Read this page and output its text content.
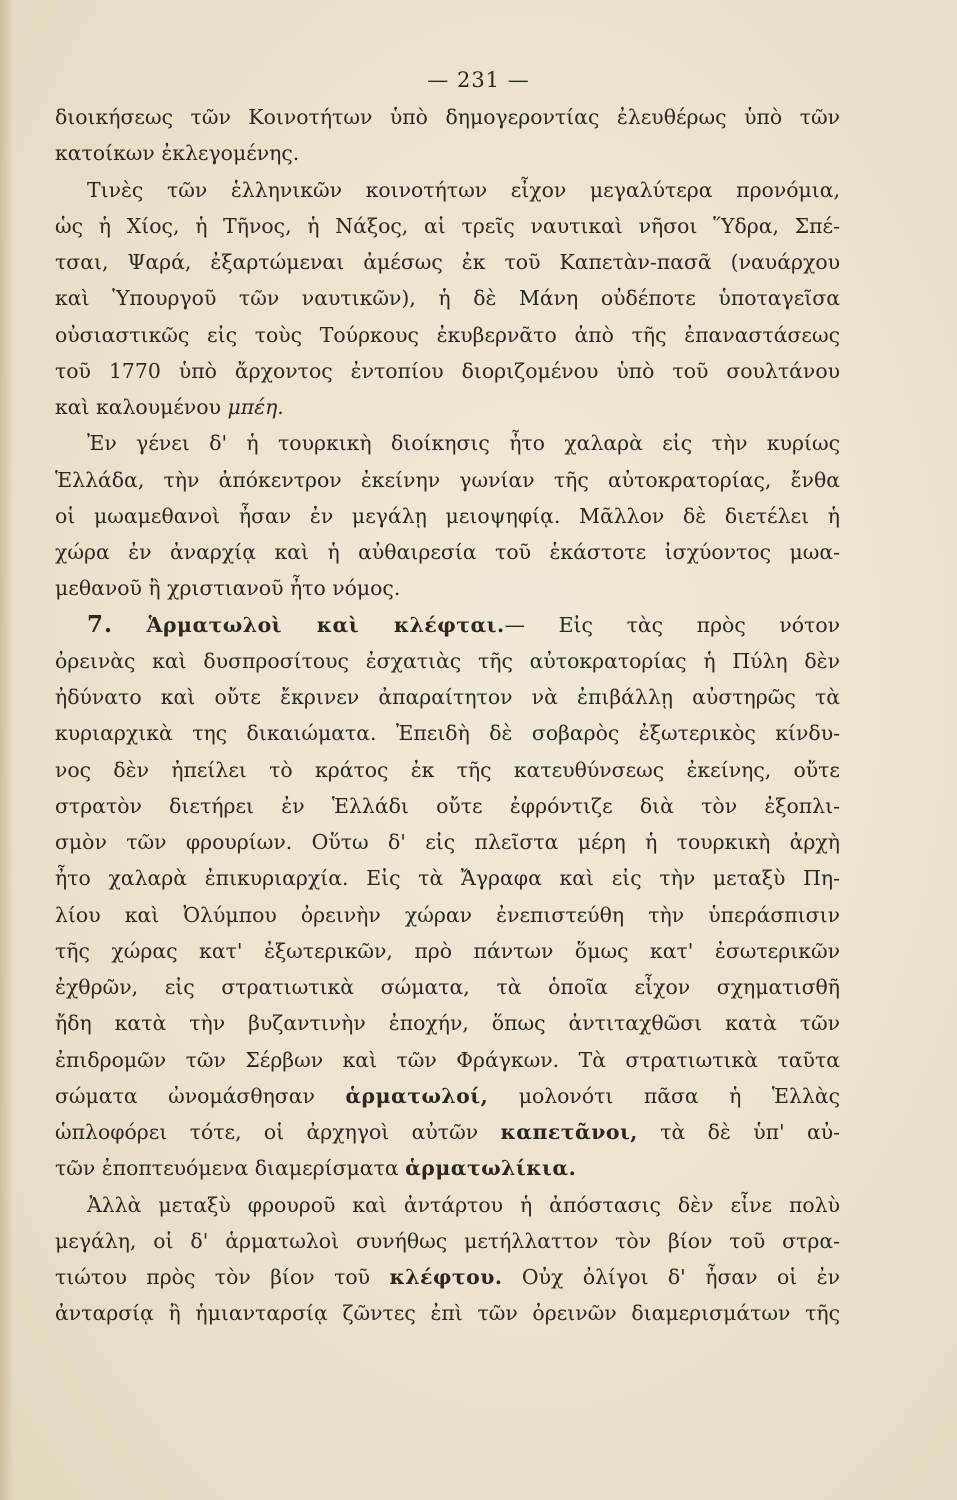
— 231 —
διοικήσεως τῶν Κοινοτήτων ὑπὸ δημογεροντίας ἐλευθέρως ὑπὸ τῶν
κατοίκων ἐκλεγομένης.
Τινὲς τῶν ἑλληνικῶν κοινοτήτων εἶχον μεγαλύτερα προνόμια,
ὡς ἡ Χίος, ἡ Τῆνος, ἡ Νάξος, αἱ τρεῖς ναυτικαὶ νῆσοι Ὕδρα, Σπέ-
τσαι, Ψαρά, ἐξαρτώμεναι ἀμέσως ἐκ τοῦ Καπετὰν-πασᾶ (ναυάρχου
καὶ Ὑπουργοῦ τῶν ναυτικῶν), ἡ δὲ Μάνη οὐδέποτε ὑποταγεῖσα
οὐσιαστικῶς εἰς τοὺς Τούρκους ἐκυβερνᾶτο ἀπὸ τῆς ἐπαναστάσεως
τοῦ 1770 ὑπὸ ἄρχοντος ἐντοπίου διοριζομένου ὑπὸ τοῦ σουλτάνου
καὶ καλουμένου μπέη.
Ἐν γένει δ' ἡ τουρκικὴ διοίκησις ἦτο χαλαρὰ εἰς τὴν κυρίως
Ἑλλάδα, τὴν ἀπόκεντρον ἐκείνην γωνίαν τῆς αὐτοκρατορίας, ἔνθα
οἱ μωαμεθανοὶ ἦσαν ἐν μεγάλῃ μειοψηφίᾳ. Μᾶλλον δὲ διετέλει ἡ
χώρα ἐν ἀναρχίᾳ καὶ ἡ αὐθαιρεσία τοῦ ἑκάστοτε ἰσχύοντος μωα-
μεθανοῦ ἢ χριστιανοῦ ἦτο νόμος.
7. Ἁρματωλοὶ καὶ κλέφται.— Εἰς τὰς πρὸς νότον
ὀρεινὰς καὶ δυσπροσίτους ἐσχατιὰς τῆς αὐτοκρατορίας ἡ Πύλη δὲν
ἠδύνατο καὶ οὔτε ἔκρινεν ἀπαραίτητον νὰ ἐπιβάλλῃ αὐστηρῶς τὰ
κυριαρχικὰ της δικαιώματα. Ἐπειδὴ δὲ σοβαρὸς ἐξωτερικὸς κίνδυ-
νος δὲν ἠπείλει τὸ κράτος ἐκ τῆς κατευθύνσεως ἐκείνης, οὔτε
στρατὸν διετήρει ἐν Ἑλλάδι οὔτε ἐφρόντιζε διὰ τὸν ἐξοπλι-
σμὸν τῶν φρουρίων. Οὕτω δ' εἰς πλεῖστα μέρη ἡ τουρκικὴ ἀρχὴ
ἦτο χαλαρὰ ἐπικυριαρχία. Εἰς τὰ Ἄγραφα καὶ εἰς τὴν μεταξὺ Πη-
λίου καὶ Ὀλύμπου ὀρεινὴν χώραν ἐνεπιστεύθη τὴν ὑπεράσπισιν
τῆς χώρας κατ' ἐξωτερικῶν, πρὸ πάντων ὅμως κατ' ἐσωτερικῶν
ἐχθρῶν, εἰς στρατιωτικὰ σώματα, τὰ ὁποῖα εἶχον σχηματισθῆ
ἤδη κατὰ τὴν βυζαντινὴν ἐποχήν, ὅπως ἀντιταχθῶσι κατὰ τῶν
ἐπιδρομῶν τῶν Σέρβων καὶ τῶν Φράγκων. Τὰ στρατιωτικὰ ταῦτα
σώματα ὠνομάσθησαν ἁρματωλοί, μολονότι πᾶσα ἡ Ἑλλὰς
ὡπλοφόρει τότε, οἱ ἀρχηγοὶ αὐτῶν καπετᾶνοι, τὰ δὲ ὑπ' αὐ-
τῶν ἐποπτευόμενα διαμερίσματα ἁρματωλίκια.
Ἀλλὰ μεταξὺ φρουροῦ καὶ ἀντάρτου ἡ ἀπόστασις δὲν εἶνε πολὺ
μεγάλη, οἱ δ' ἁρματωλοὶ συνήθως μετήλλαττον τὸν βίον τοῦ στρα-
τιώτου πρὸς τὸν βίον τοῦ κλέφτου. Οὐχ ὀλίγοι δ' ἦσαν οἱ ἐν
ἀνταρσίᾳ ἢ ἡμιανταρσίᾳ ζῶντες ἐπὶ τῶν ὀρεινῶν διαμερισμάτων τῆς
